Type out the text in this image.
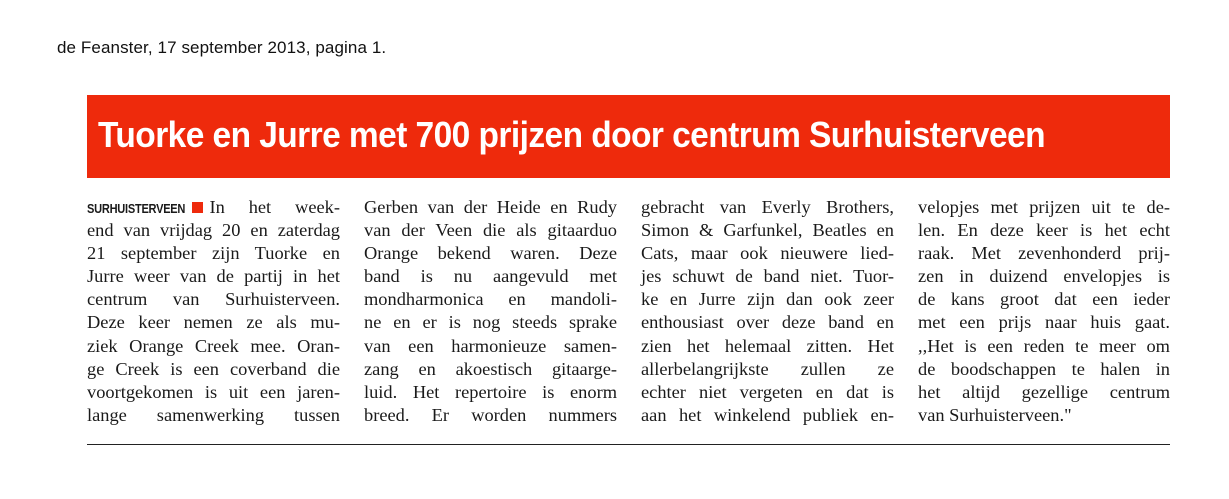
de Feanster, 17 september 2013, pagina 1.
Tuorke en Jurre met 700 prijzen door centrum Surhuisterveen
SURHUISTERVEEN In het week-
end van vrijdag 20 en zaterdag
21 september zijn Tuorke en
Jurre weer van de partij in het
centrum van Surhuisterveen.
Deze keer nemen ze als mu-
ziek Orange Creek mee. Oran-
ge Creek is een coverband die
voortgekomen is uit een jaren-
lange samenwerking tussen
Gerben van der Heide en Rudy
van der Veen die als gitaarduo
Orange bekend waren. Deze
band is nu aangevuld met
mondharmonica en mandoli-
ne en er is nog steeds sprake
van een harmonieuze samen-
zang en akoestisch gitaarge-
luid. Het repertoire is enorm
breed. Er worden nummers
gebracht van Everly Brothers,
Simon & Garfunkel, Beatles en
Cats, maar ook nieuwere lied-
jes schuwt de band niet. Tuor-
ke en Jurre zijn dan ook zeer
enthousiast over deze band en
zien het helemaal zitten. Het
allerbelangrijkste zullen ze
echter niet vergeten en dat is
aan het winkelend publiek en-
velopjes met prijzen uit te de-
len. En deze keer is het echt
raak. Met zevenhonderd prij-
zen in duizend envelopjes is
de kans groot dat een ieder
met een prijs naar huis gaat.
,,Het is een reden te meer om
de boodschappen te halen in
het altijd gezellige centrum
van Surhuisterveen."
